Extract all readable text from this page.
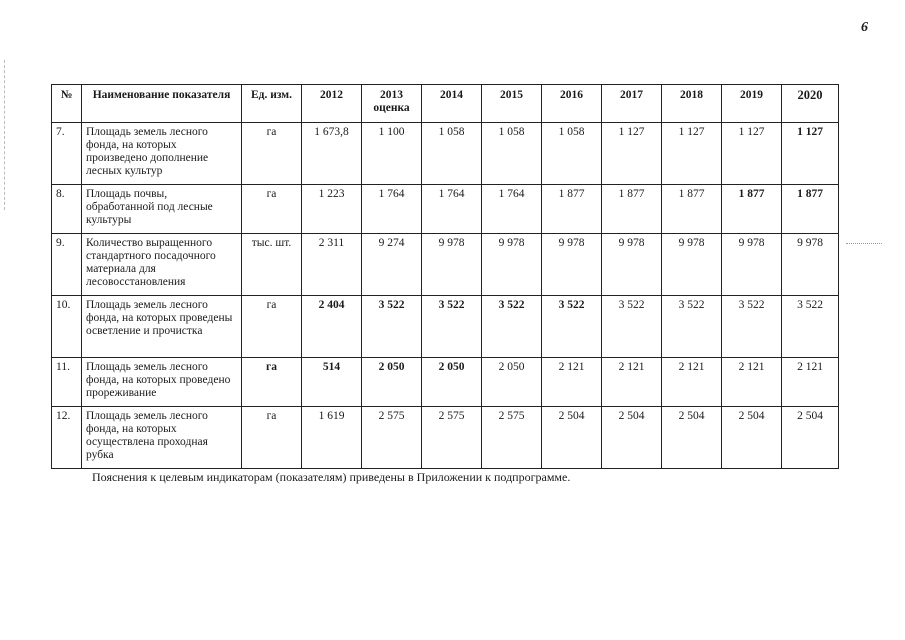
6
№	Наименование показателя	Ед. изм.	2012	2013 оценка	2014	2015	2016	2017	2018	2019	2020
7.	Площадь земель лесного фонда, на которых произведено дополнение лесных культур	га	1 673,8	1 100	1 058	1 058	1 058	1 127	1 127	1 127	1 127
8.	Площадь почвы, обработанной под лесные культуры	га	1 223	1 764	1 764	1 764	1 877	1 877	1 877	1 877	1 877
9.	Количество выращенного стандартного посадочного материала для лесовосстановления	тыс. шт.	2 311	9 274	9 978	9 978	9 978	9 978	9 978	9 978	9 978
10.	Площадь земель лесного фонда, на которых проведены осветление и прочистка	га	2 404	3 522	3 522	3 522	3 522	3 522	3 522	3 522	3 522
11.	Площадь земель лесного фонда, на которых проведено прореживание	га	514	2 050	2 050	2 050	2 121	2 121	2 121	2 121	2 121
12.	Площадь земель лесного фонда, на которых осуществлена проходная рубка	га	1 619	2 575	2 575	2 575	2 504	2 504	2 504	2 504	2 504
Пояснения к целевым индикаторам (показателям) приведены в Приложении к подпрограмме.
